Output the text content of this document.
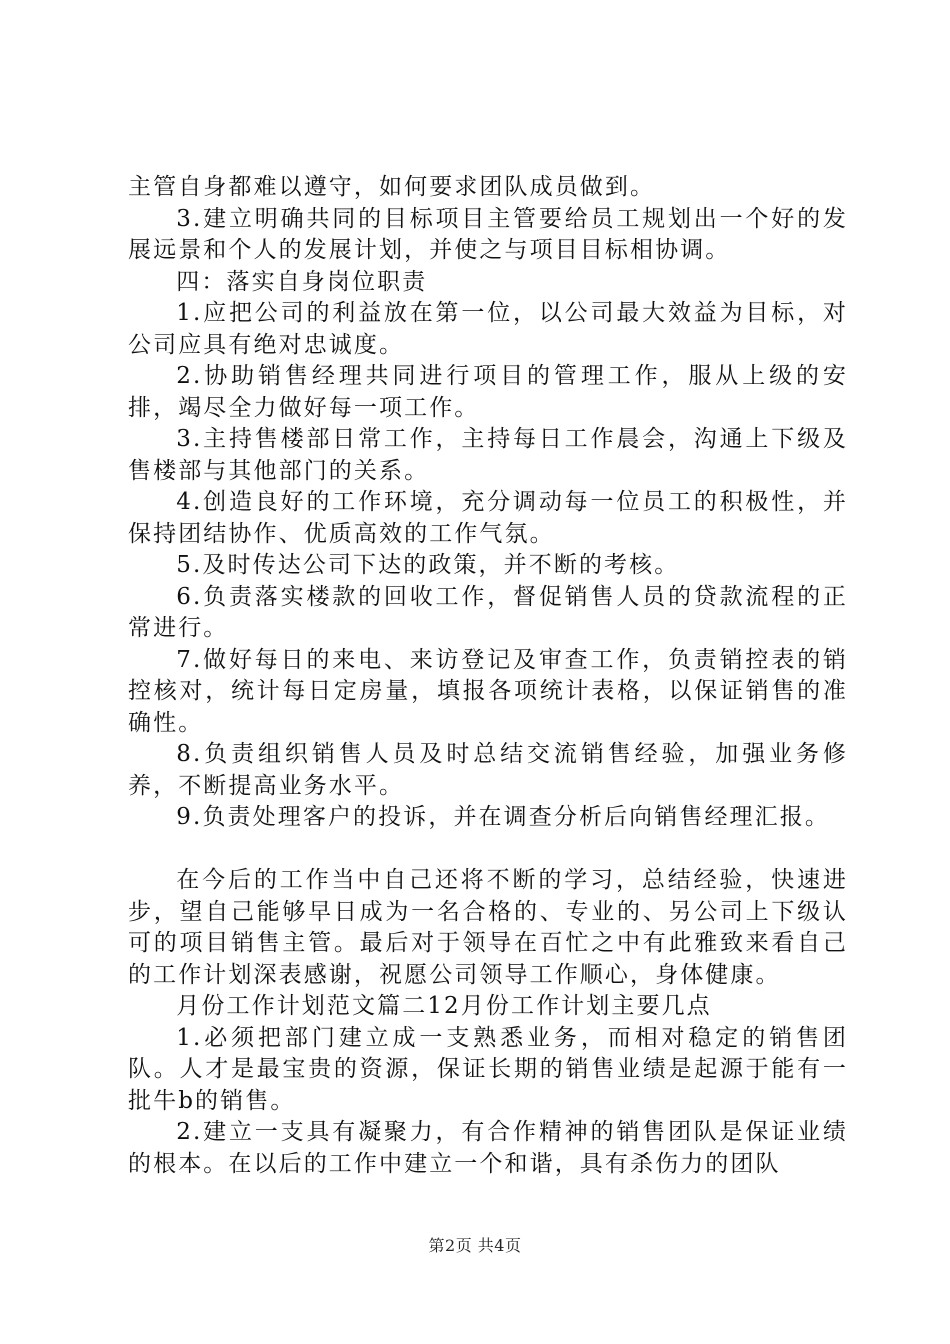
主管自身都难以遵守，如何要求团队成员做到。

3.建立明确共同的目标项目主管要给员工规划出一个好的发展远景和个人的发展计划，并使之与项目目标相协调。

四：落实自身岗位职责

1.应把公司的利益放在第一位，以公司最大效益为目标，对公司应具有绝对忠诚度。

2.协助销售经理共同进行项目的管理工作，服从上级的安排，竭尽全力做好每一项工作。

3.主持售楼部日常工作，主持每日工作晨会，沟通上下级及售楼部与其他部门的关系。

4.创造良好的工作环境，充分调动每一位员工的积极性，并保持团结协作、优质高效的工作气氛。

5.及时传达公司下达的政策，并不断的考核。

6.负责落实楼款的回收工作，督促销售人员的贷款流程的正常进行。

7.做好每日的来电、来访登记及审查工作，负责销控表的销控核对，统计每日定房量，填报各项统计表格，以保证销售的准确性。

8.负责组织销售人员及时总结交流销售经验，加强业务修养，不断提高业务水平。

9.负责处理客户的投诉，并在调查分析后向销售经理汇报。

在今后的工作当中自己还将不断的学习，总结经验，快速进步，望自己能够早日成为一名合格的、专业的、另公司上下级认可的项目销售主管。最后对于领导在百忙之中有此雅致来看自己的工作计划深表感谢，祝愿公司领导工作顺心，身体健康。

月份工作计划范文篇二12月份工作计划主要几点

1.必须把部门建立成一支熟悉业务，而相对稳定的销售团队。人才是最宝贵的资源，保证长期的销售业绩是起源于能有一批牛b的销售。

2.建立一支具有凝聚力，有合作精神的销售团队是保证业绩的根本。在以后的工作中建立一个和谐，具有杀伤力的团队

第2页 共4页
